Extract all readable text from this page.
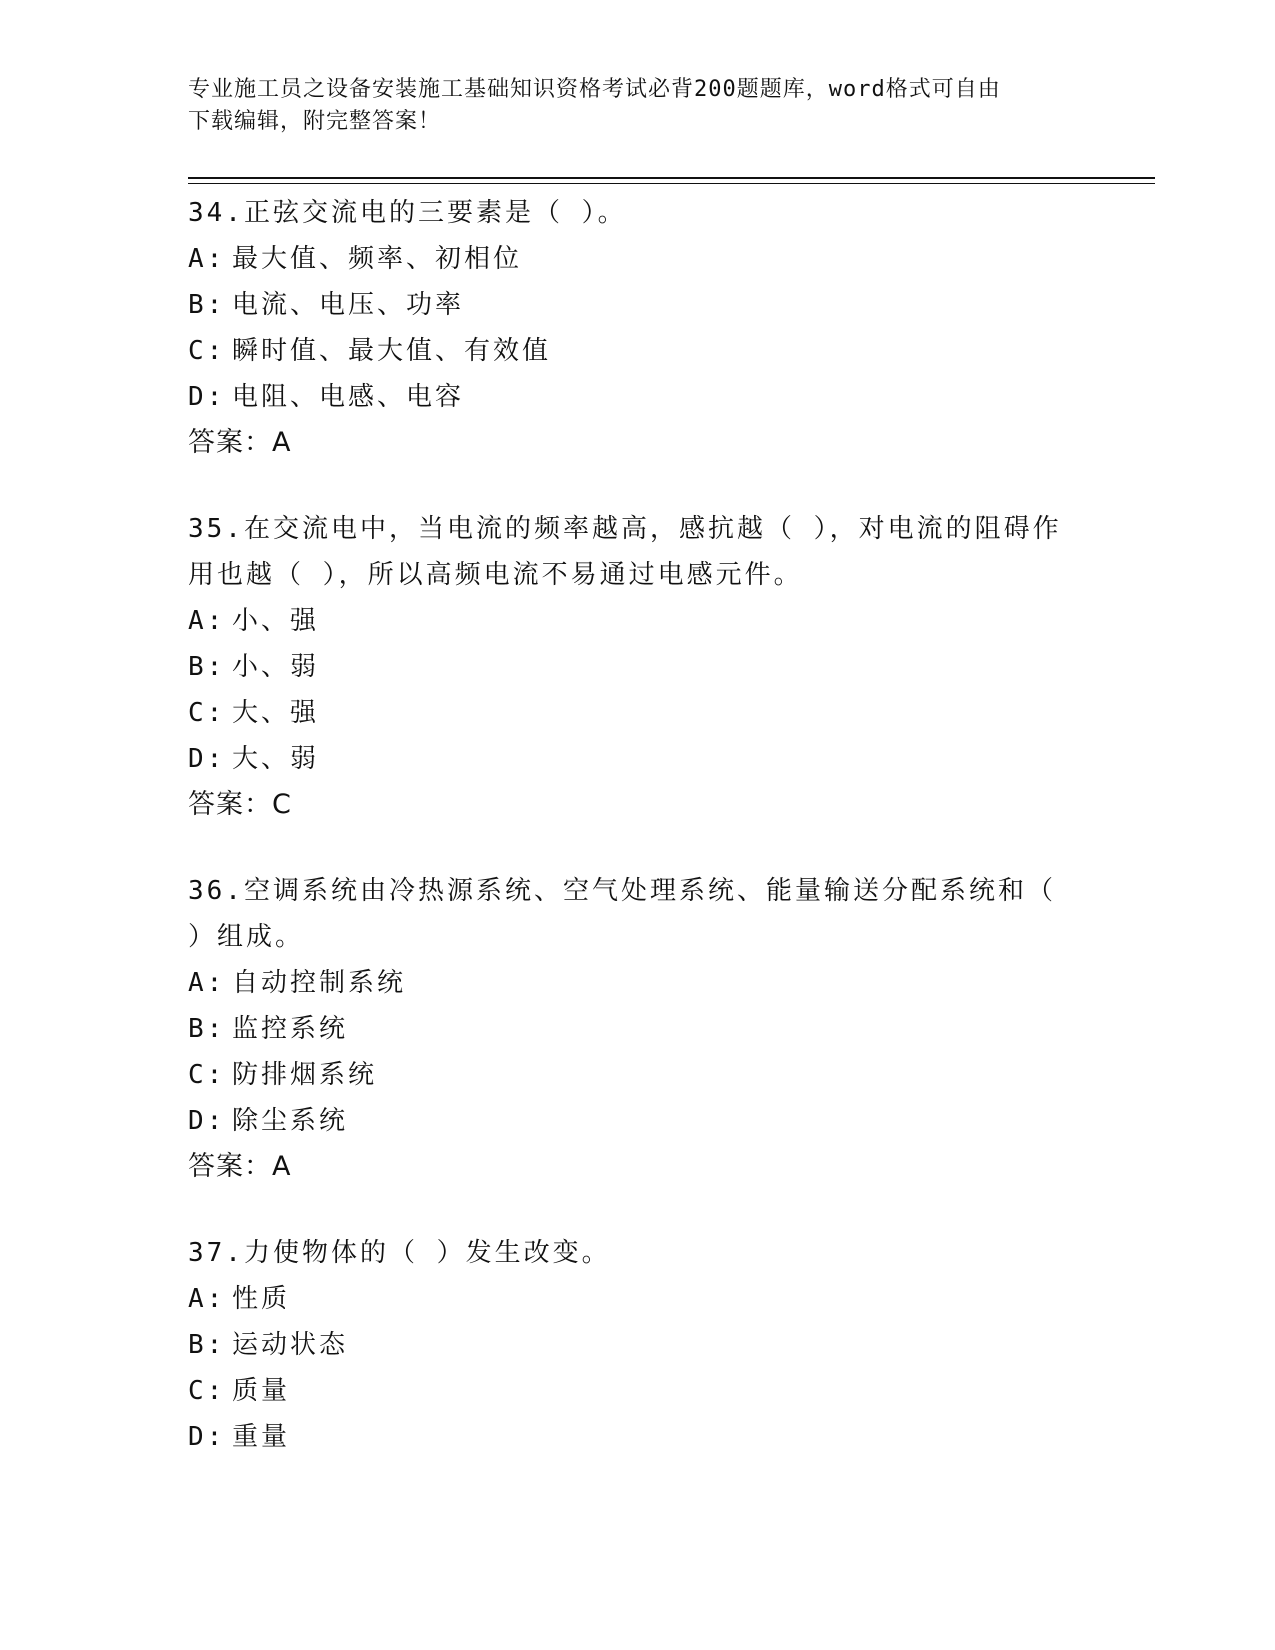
专业施工员之设备安装施工基础知识资格考试必背200题题库，word格式可自由
下载编辑，附完整答案！

34.正弦交流电的三要素是（ ）。

A: 最大值、频率、初相位

B: 电流、电压、功率

C: 瞬时值、最大值、有效值

D: 电阻、电感、电容

答案：A

35.在交流电中，当电流的频率越高，感抗越（ ），对电流的阻碍作

用也越（ ），所以高频电流不易通过电感元件。

A: 小、强

B: 小、弱

C: 大、强

D: 大、弱

答案：C

36.空调系统由冷热源系统、空气处理系统、能量输送分配系统和（

）组成。

A: 自动控制系统

B: 监控系统

C: 防排烟系统

D: 除尘系统

答案：A

37.力使物体的（ ）发生改变。

A: 性质

B: 运动状态

C: 质量

D: 重量
